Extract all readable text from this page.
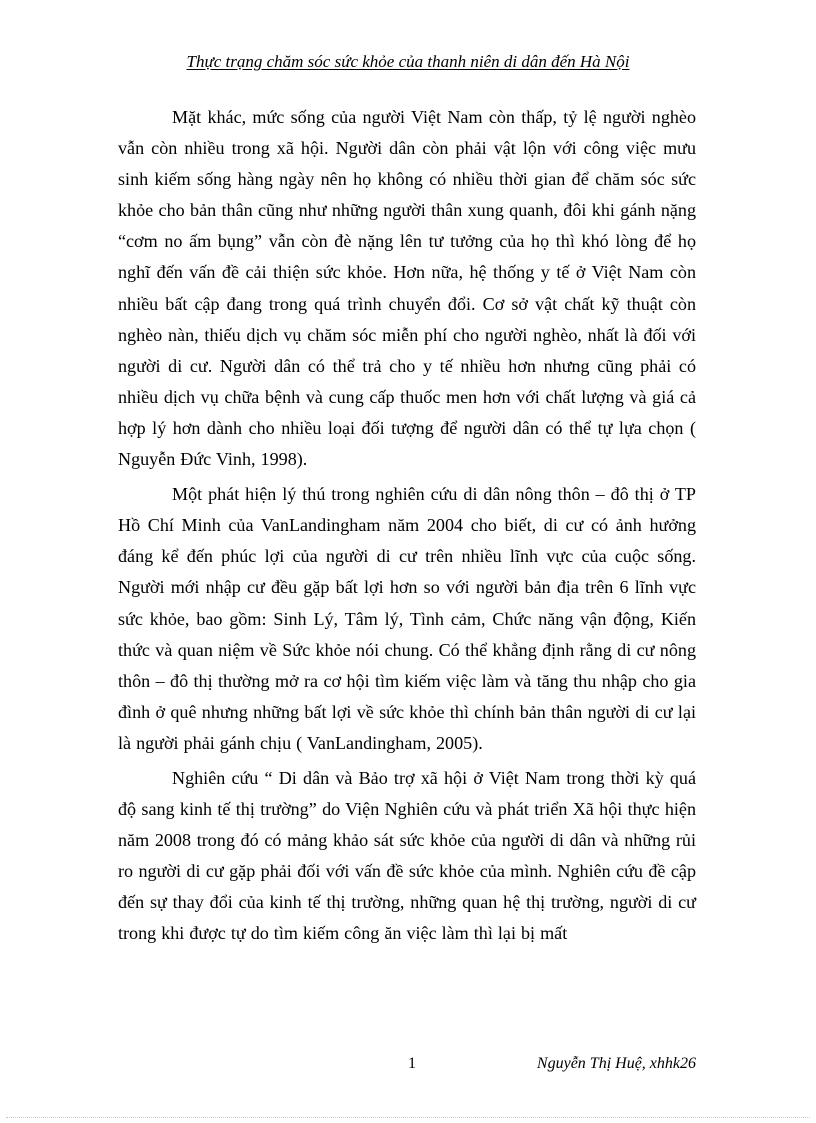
Thực trạng chăm sóc sức khỏe của thanh niên di dân đến Hà Nội

Mặt khác, mức sống của người Việt Nam còn thấp, tỷ lệ người nghèo vẫn còn nhiều trong xã hội. Người dân còn phải vật lộn với công việc mưu sinh kiếm sống hàng ngày nên họ không có nhiều thời gian để chăm sóc sức khỏe cho bản thân cũng như những người thân xung quanh, đôi khi gánh nặng “cơm no ấm bụng” vẫn còn đè nặng lên tư tưởng của họ thì khó lòng để họ nghĩ đến vấn đề cải thiện sức khỏe. Hơn nữa, hệ thống y tế ở Việt Nam còn nhiều bất cập đang trong quá trình chuyển đổi. Cơ sở vật chất kỹ thuật còn nghèo nàn, thiếu dịch vụ chăm sóc miễn phí cho người nghèo, nhất là đối với người di cư. Người dân có thể trả cho y tế nhiều hơn nhưng cũng phải có nhiều dịch vụ chữa bệnh và cung cấp thuốc men hơn với chất lượng và giá cả hợp lý hơn dành cho nhiều loại đối tượng để người dân có thể tự lựa chọn ( Nguyễn Đức Vinh, 1998).

Một phát hiện lý thú trong nghiên cứu di dân nông thôn – đô thị ở TP Hồ Chí Minh của VanLandingham năm 2004 cho biết, di cư có ảnh hưởng đáng kể đến phúc lợi của người di cư trên nhiều lĩnh vực của cuộc sống. Người mới nhập cư đều gặp bất lợi hơn so với người bản địa trên 6 lĩnh vực sức khỏe, bao gồm: Sinh Lý, Tâm lý, Tình cảm, Chức năng vận động, Kiến thức và quan niệm về Sức khỏe nói chung. Có thể khẳng định rằng di cư nông thôn – đô thị thường mở ra cơ hội tìm kiếm việc làm và tăng thu nhập cho gia đình ở quê nhưng những bất lợi về sức khỏe thì chính bản thân người di cư lại là người phải gánh chịu ( VanLandingham, 2005).

Nghiên cứu “ Di dân và Bảo trợ xã hội ở Việt Nam trong thời kỳ quá độ sang kinh tế thị trường” do Viện Nghiên cứu và phát triển Xã hội thực hiện năm 2008 trong đó có mảng khảo sát sức khỏe của người di dân và những rủi ro người di cư gặp phải đối với vấn đề sức khỏe của mình. Nghiên cứu đề cập đến sự thay đổi của kinh tế thị trường, những quan hệ thị trường, người di cư trong khi được tự do tìm kiếm công ăn việc làm thì lại bị mất

1	Nguyễn Thị Huệ, xhhk26
